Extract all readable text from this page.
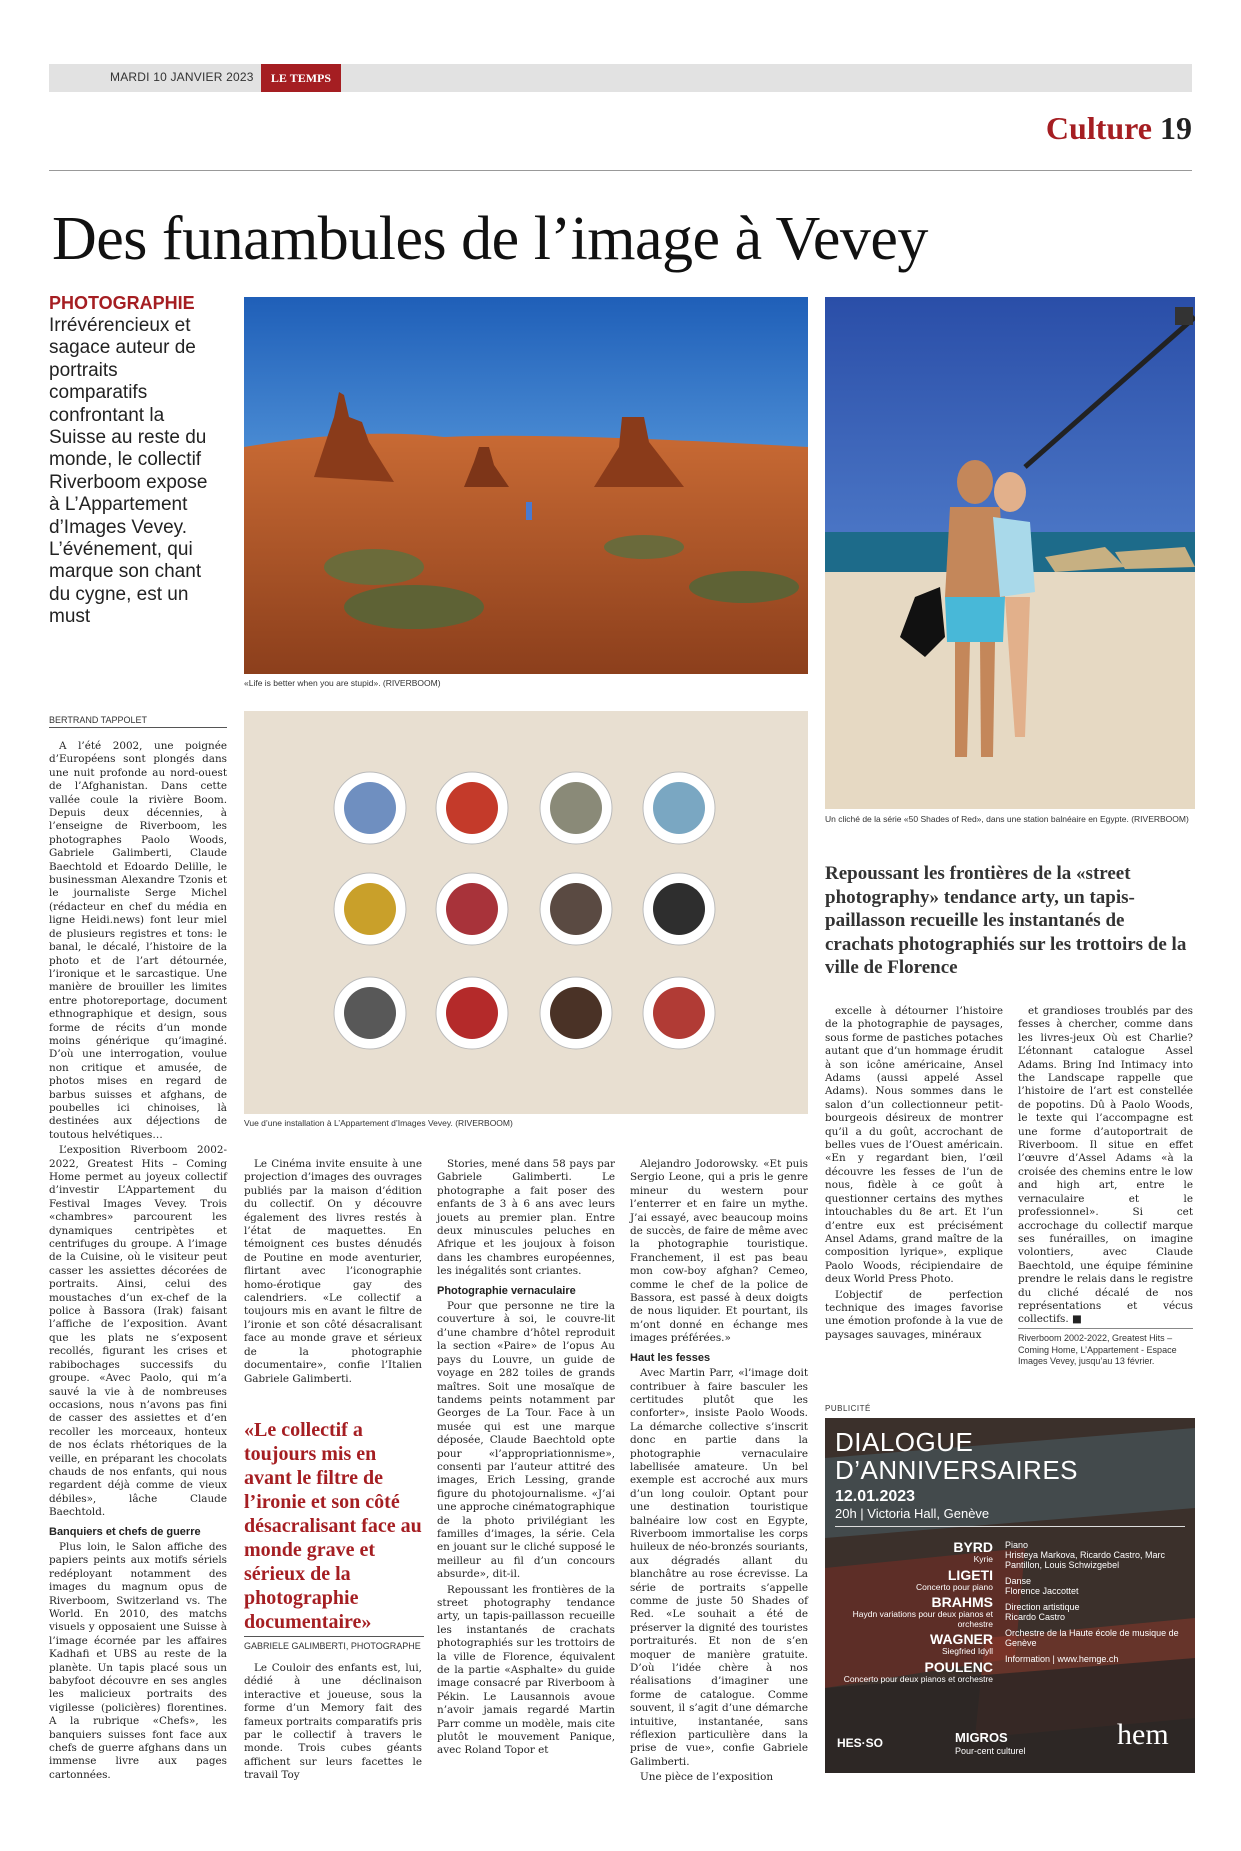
MARDI 10 JANVIER 2023	LE TEMPS
Culture 19
Des funambules de l’image à Vevey
PHOTOGRAPHIE
Irrévérencieux et sagace auteur de portraits comparatifs confrontant la Suisse au reste du monde, le collectif Riverboom expose à L’Appartement d’Images Vevey. L’événement, qui marque son chant du cygne, est un must
«Life is better when you are stupid». (RIVERBOOM)
Un cliché de la série «50 Shades of Red», dans une station balnéaire en Egypte. (RIVERBOOM)
Vue d’une installation à L’Appartement d’Images Vevey. (RIVERBOOM)
BERTRAND TAPPOLET

A l’été 2002, une poignée d’Européens sont plongés dans une nuit profonde au nord-ouest de l’Afghanistan. Dans cette vallée coule la rivière Boom. Depuis deux décennies, à l’enseigne de Riverboom, les photographes Paolo Woods, Gabriele Galimberti, Claude Baechtold et Edoardo Delille, le businessman Alexandre Tzonis et le journaliste Serge Michel (rédacteur en chef du média en ligne Heidi.news) font leur miel de plusieurs registres et tons: le banal, le décalé, l’histoire de la photo et de l’art détournée, l’ironique et le sarcastique. Une manière de brouiller les limites entre photoreportage, document ethnographique et design, sous forme de récits d’un monde moins générique qu’imaginé. D’où une interrogation, voulue non critique et amusée, de photos mises en regard de barbus suisses et afghans, de poubelles ici chinoises, là destinées aux déjections de toutous helvétiques…

L’exposition Riverboom 2002-2022, Greatest Hits – Coming Home permet au joyeux collectif d’investir L’Appartement du Festival Images Vevey. Trois «chambres» parcourent les dynamiques centripètes et centrifuges du groupe. A l’image de la Cuisine, où le visiteur peut casser les assiettes décorées de portraits. Ainsi, celui des moustaches d’un ex-chef de la police à Bassora (Irak) faisant l’affiche de l’exposition. Avant que les plats ne s’exposent recollés, figurant les crises et rabibochages successifs du groupe. «Avec Paolo, qui m’a sauvé la vie à de nombreuses occasions, nous n’avons pas fini de casser des assiettes et d’en recoller les morceaux, honteux de nos éclats rhétoriques de la veille, en préparant les chocolats chauds de nos enfants, qui nous regardent déjà comme de vieux débiles», lâche Claude Baechtold.

Banquiers et chefs de guerre

Plus loin, le Salon affiche des papiers peints aux motifs sériels redéployant notamment des images du magnum opus de Riverboom, Switzerland vs. The World. En 2010, des matchs visuels y opposaient une Suisse à l’image écornée par les affaires Kadhafi et UBS au reste de la planète. Un tapis placé sous un babyfoot découvre en ses angles les malicieux portraits des vigilesse (policières) florentines. A la rubrique «Chefs», les banquiers suisses font face aux chefs de guerre afghans dans un immense livre aux pages cartonnées.

Le Cinéma invite ensuite à une projection d’images des ouvrages publiés par la maison d’édition du collectif. On y découvre également des livres restés à l’état de maquettes. En témoignent ces bustes dénudés de Poutine en mode aventurier, flirtant avec l’iconographie homo-érotique gay des calendriers. «Le collectif a toujours mis en avant le filtre de l’ironie et son côté désacralisant face au monde grave et sérieux de la photographie documentaire», confie l’Italien Gabriele Galimberti.

«Le collectif a toujours mis en avant le filtre de l’ironie et son côté désacralisant face au monde grave et sérieux de la photographie documentaire»
GABRIELE GALIMBERTI, PHOTOGRAPHE

Le Couloir des enfants est, lui, dédié à une déclinaison interactive et joueuse, sous la forme d’un Memory fait des fameux portraits comparatifs pris par le collectif à travers le monde. Trois cubes géants affichent sur leurs facettes le travail Toy

Stories, mené dans 58 pays par Gabriele Galimberti. Le photographe a fait poser des enfants de 3 à 6 ans avec leurs jouets au premier plan. Entre deux minuscules peluches en Afrique et les joujoux à foison dans les chambres européennes, les inégalités sont criantes.

Photographie vernaculaire

Pour que personne ne tire la couverture à soi, le couvre-lit d’une chambre d’hôtel reproduit la section «Paire» de l’opus Au pays du Louvre, un guide de voyage en 282 toiles de grands maîtres. Soit une mosaïque de tandems peints notamment par Georges de La Tour. Face à un musée qui est une marque déposée, Claude Baechtold opte pour «l’appropriationnisme», consenti par l’auteur attitré des images, Erich Lessing, grande figure du photojournalisme. «J’ai une approche cinématographique de la photo privilégiant les familles d’images, la série. Cela en jouant sur le cliché supposé le meilleur au fil d’un concours absurde», dit-il.

Repoussant les frontières de la street photography tendance arty, un tapis-paillasson recueille les instantanés de crachats photographiés sur les trottoirs de la ville de Florence, équivalent de la partie «Asphalte» du guide image consacré par Riverboom à Pékin. Le Lausannois avoue n’avoir jamais regardé Martin Parr comme un modèle, mais cite plutôt le mouvement Panique, avec Roland Topor et

Alejandro Jodorowsky. «Et puis Sergio Leone, qui a pris le genre mineur du western pour l’enterrer et en faire un mythe. J’ai essayé, avec beaucoup moins de succès, de faire de même avec la photographie touristique. Franchement, il est pas beau mon cow-boy afghan? Cemeo, comme le chef de la police de Bassora, est passé à deux doigts de nous liquider. Et pourtant, ils m’ont donné en échange mes images préférées.»

Haut les fesses

Avec Martin Parr, «l’image doit contribuer à faire basculer les certitudes plutôt que les conforter», insiste Paolo Woods. La démarche collective s’inscrit donc en partie dans la photographie vernaculaire labellisée amateure. Un bel exemple est accroché aux murs d’un long couloir. Optant pour une destination touristique balnéaire low cost en Egypte, Riverboom immortalise les corps huileux de néo-bronzés souriants, aux dégradés allant du blanchâtre au rose écrevisse. La série de portraits s’appelle comme de juste 50 Shades of Red. «Le souhait a été de préserver la dignité des touristes portraiturés. Et non de s’en moquer de manière gratuite. D’où l’idée chère à nos réalisations d’imaginer une forme de catalogue. Comme souvent, il s’agit d’une démarche intuitive, instantanée, sans réflexion particulière dans la prise de vue», confie Gabriele Galimberti.

Une pièce de l’exposition

Repoussant les frontières de la «street photography» tendance arty, un tapis-paillasson recueille les instantanés de crachats photographiés sur les trottoirs de la ville de Florence

excelle à détourner l’histoire de la photographie de paysages, sous forme de pastiches potaches autant que d’un hommage érudit à son icône américaine, Ansel Adams (aussi appelé Assel Adams). Nous sommes dans le salon d’un collectionneur petit-bourgeois désireux de montrer qu’il a du goût, accrochant de belles vues de l’Ouest américain. «En y regardant bien, l’œil découvre les fesses de l’un de nous, fidèle à ce goût à questionner certains des mythes intouchables du 8e art. Et l’un d’entre eux est précisément Ansel Adams, grand maître de la composition lyrique», explique Paolo Woods, récipiendaire de deux World Press Photo.

L’objectif de perfection technique des images favorise une émotion profonde à la vue de paysages sauvages, minéraux

et grandioses troublés par des fesses à chercher, comme dans les livres-jeux Où est Charlie? L’étonnant catalogue Assel Adams. Bring Ind Intimacy into the Landscape rappelle que l’histoire de l’art est constellée de popotins. Dû à Paolo Woods, le texte qui l’accompagne est une forme d’autoportrait de Riverboom. Il situe en effet l’œuvre d’Assel Adams «à la croisée des chemins entre le low and high art, entre le vernaculaire et le professionnel». Si cet accrochage du collectif marque ses funérailles, on imagine volontiers, avec Claude Baechtold, une équipe féminine prendre le relais dans le registre du cliché décalé de nos représentations et vécus collectifs. ■

Riverboom 2002-2022, Greatest Hits – Coming Home, L’Appartement - Espace Images Vevey, jusqu’au 13 février.
PUBLICITÉ
DIALOGUE
D’ANNIVERSAIRES
12.01.2023
20h | Victoria Hall, Genève
BYRD
Kyrie
LIGETI
Concerto pour piano
BRAHMS
Haydn variations pour deux pianos et orchestre
WAGNER
Siegfried Idyll
POULENC
Concerto pour deux pianos et orchestre
Piano
Hristeya Markova, Ricardo Castro, Marc Pantillon, Louis Schwizgebel
Danse
Florence Jaccottet
Direction artistique
Ricardo Castro
Orchestre de la Haute école de musique de Genève
Information | www.hemge.ch
HES·SO	MIGROS
Pour-cent culturel	hem
